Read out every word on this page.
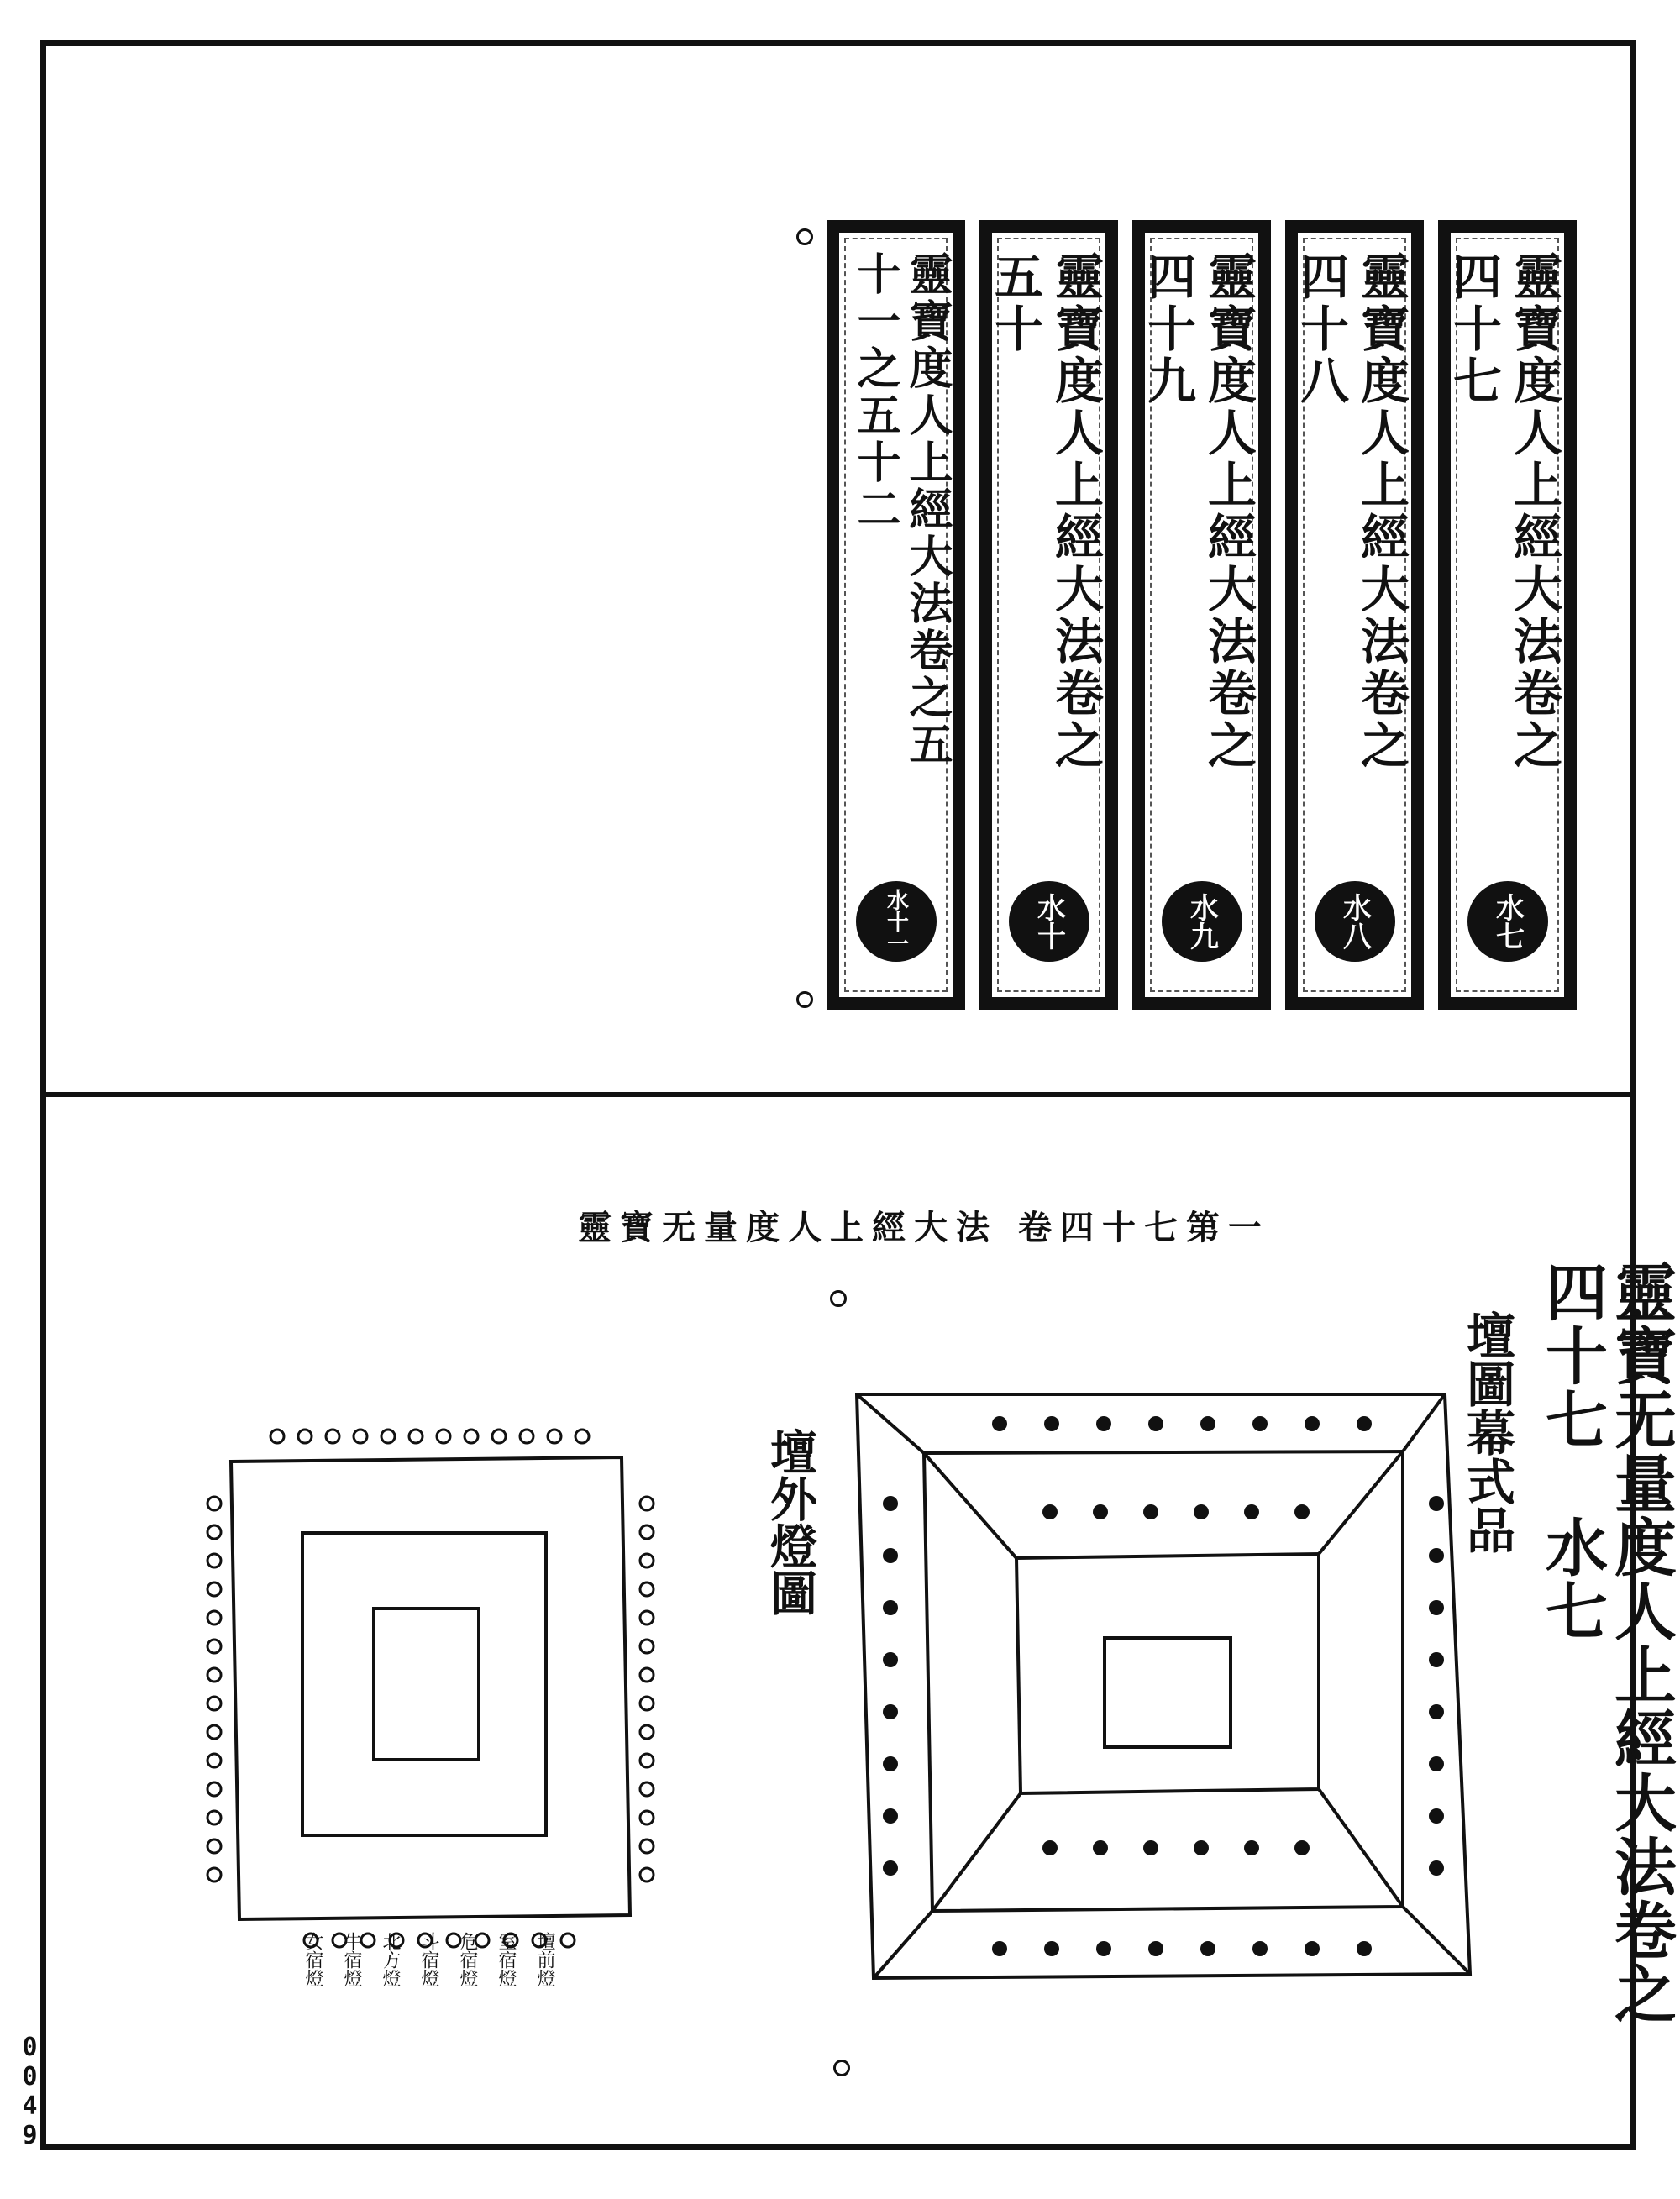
靈寶度人上經大法卷之四十七
水七
靈寶度人上經大法卷之四十八
水八
靈寶度人上經大法卷之四十九
水九
靈寶度人上經大法卷之五十
水十
靈寶度人上經大法卷之五十一之五十二
水十一
靈寶无量度人上經大法 卷四十七第一
靈寶无量度人上經大法卷之四十七　水七
壇圖幕式品
壇外燈圖
女宿燈 牛宿燈 北方燈 斗宿燈 危宿燈 室宿燈 壇前燈
0049
